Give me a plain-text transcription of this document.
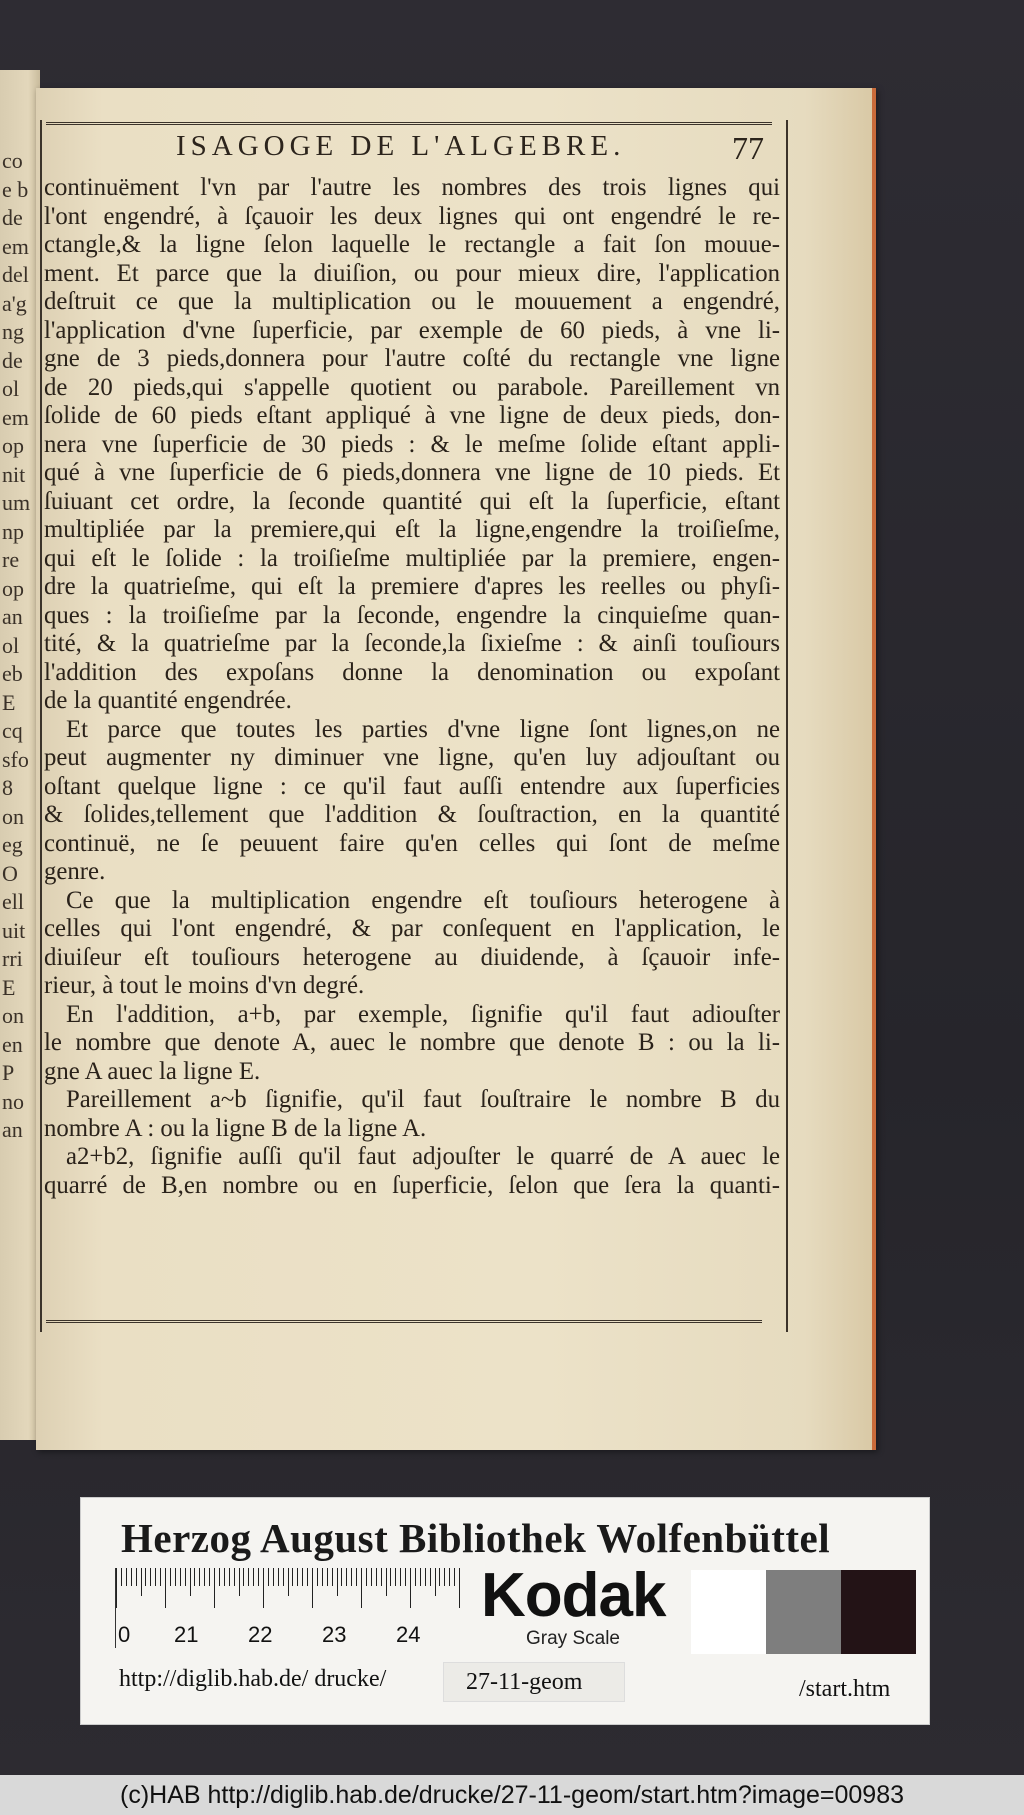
co
e b
de
em
del
a'g
ng
de
ol
em
op
nit
um
np
re
op
an
ol
eb
E
cq
sfo
8
on
eg
O
ell
uit
rri
E
on
en
P
no
an
ISAGOGE DE L'ALGEBRE.	77
continuëment l'vn par l'autre les nombres des trois lignes qui
l'ont engendré, à ſçauoir les deux lignes qui ont engendré le re-
ctangle,& la ligne ſelon laquelle le rectangle a fait ſon mouue-
ment. Et parce que la diuiſion, ou pour mieux dire, l'application
deſtruit ce que la multiplication ou le mouuement a engendré,
l'application d'vne ſuperficie, par exemple de 60 pieds, à vne li-
gne de 3 pieds,donnera pour l'autre coſté du rectangle vne ligne
de 20 pieds,qui s'appelle quotient ou parabole. Pareillement vn
ſolide de 60 pieds eſtant appliqué à vne ligne de deux pieds, don-
nera vne ſuperficie de 30 pieds : & le meſme ſolide eſtant appli-
qué à vne ſuperficie de 6 pieds,donnera vne ligne de 10 pieds. Et
ſuiuant cet ordre, la ſeconde quantité qui eſt la ſuperficie, eſtant
multipliée par la premiere,qui eſt la ligne,engendre la troiſieſme,
qui eſt le ſolide : la troiſieſme multipliée par la premiere, engen-
dre la quatrieſme, qui eſt la premiere d'apres les reelles ou phyſi-
ques : la troiſieſme par la ſeconde, engendre la cinquieſme quan-
tité, & la quatrieſme par la ſeconde,la ſixieſme : & ainſi touſiours
l'addition des expoſans donne la denomination ou expoſant
de la quantité engendrée.
Et parce que toutes les parties d'vne ligne ſont lignes,on ne
peut augmenter ny diminuer vne ligne, qu'en luy adjouſtant ou
oſtant quelque ligne : ce qu'il faut auſſi entendre aux ſuperficies
& ſolides,tellement que l'addition & ſouſtraction, en la quantité
continuë, ne ſe peuuent faire qu'en celles qui ſont de meſme
genre.
Ce que la multiplication engendre eſt touſiours heterogene à
celles qui l'ont engendré, & par conſequent en l'application, le
diuiſeur eſt touſiours heterogene au diuidende, à ſçauoir infe-
rieur, à tout le moins d'vn degré.
En l'addition, a+b, par exemple, ſignifie qu'il faut adiouſter
le nombre que denote A, auec le nombre que denote B : ou la li-
gne A auec la ligne E.
Pareillement a~b ſignifie, qu'il faut ſouſtraire le nombre B du
nombre A : ou la ligne B de la ligne A.
a2+b2, ſignifie auſſi qu'il faut adjouſter le quarré de A auec le
quarré de B,en nombre ou en ſuperficie, ſelon que ſera la quanti-
Herzog August Bibliothek Wolfenbüttel
0 21 22 23 24
Kodak
Gray Scale
http://diglib.hab.de/ drucke/	27-11-geom	/start.htm
(c)HAB http://diglib.hab.de/drucke/27-11-geom/start.htm?image=00983
